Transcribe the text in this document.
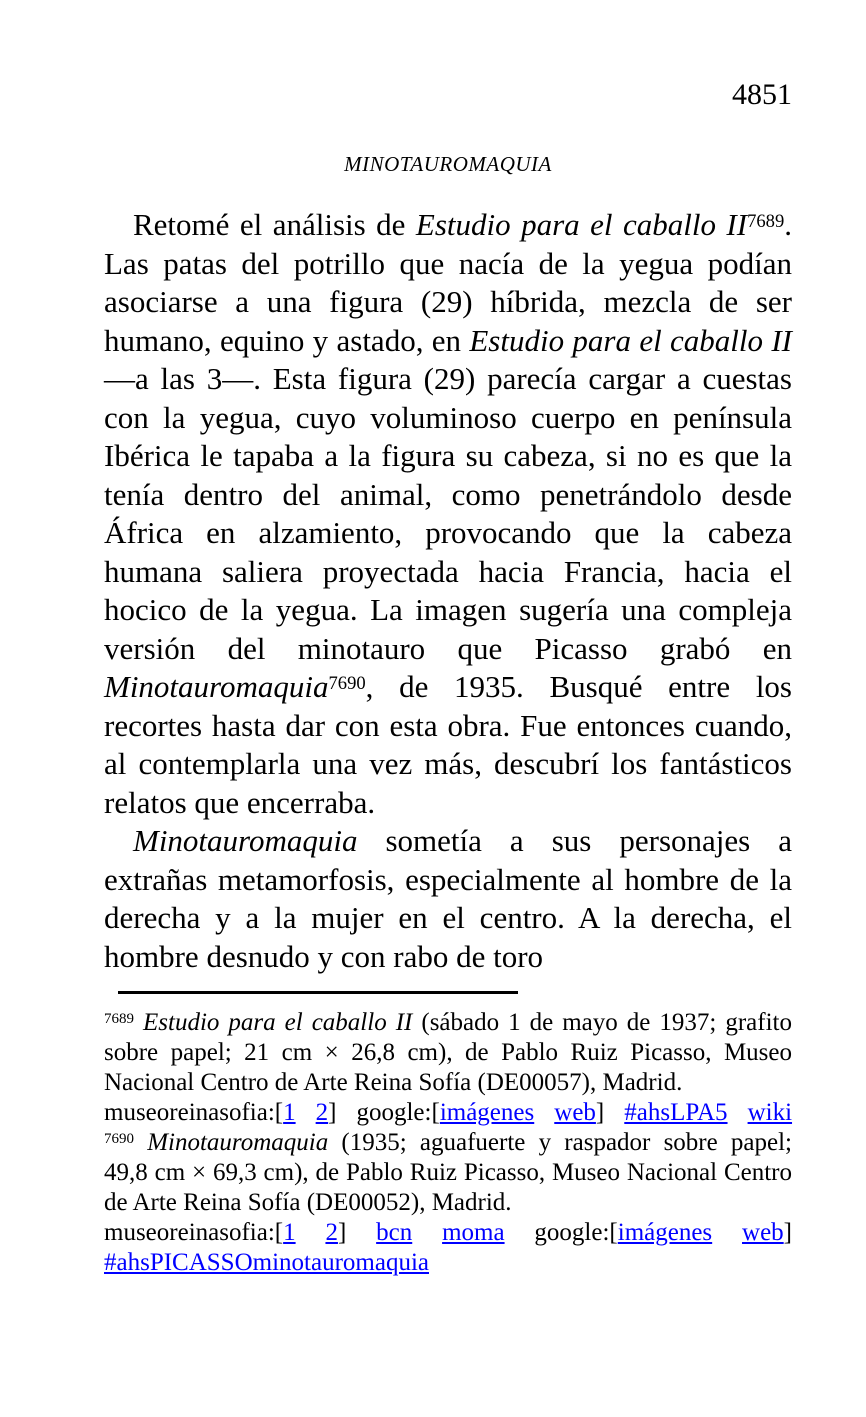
4851
MINOTAUROMAQUIA

Retomé el análisis de Estudio para el caballo $II^{7689}$. Las patas del potrillo que nacía de la yegua podían asociarse a una figura (29) híbrida, mezcla de ser humano, equino y astado, en Estudio para el caballo II —a las 3—. Esta figura (29) parecía cargar a cuestas con la yegua, cuyo voluminoso cuerpo en península Ibérica le tapaba a la figura su cabeza, si no es que la tenía dentro del animal, como penetrándolo desde África en alzamiento, provocando que la cabeza humana saliera proyectada hacia Francia, hacia el hocico de la yegua. La imagen sugería una compleja versión del minotauro que Picasso grabó en Minotauromaquia$^{7690}$, de 1935. Busqué entre los recortes hasta dar con esta obra. Fue entonces cuando, al contemplarla una vez más, descubrí los fantásticos relatos que encerraba.

Minotauromaquia sometía a sus personajes a extrañas metamorfosis, especialmente al hombre de la derecha y a la mujer en el centro. A la derecha, el hombre desnudo y con rabo de toro

$^{7689}$ Estudio para el caballo II (sábado 1 de mayo de 1937; grafito sobre papel; 21 cm × 26,8 cm), de Pablo Ruiz Picasso, Museo Nacional Centro de Arte Reina Sofía (DE00057), Madrid.
museoreinasofia:[1 2] google:[imágenes web] #ahsLPA5 wiki
$^{7690}$ Minotauromaquia (1935; aguafuerte y raspador sobre papel; 49,8 cm × 69,3 cm), de Pablo Ruiz Picasso, Museo Nacional Centro de Arte Reina Sofía (DE00052), Madrid.
museoreinasofia:[1 2] bcn moma google:[imágenes web] #ahsPICASSOminotauromaquia
